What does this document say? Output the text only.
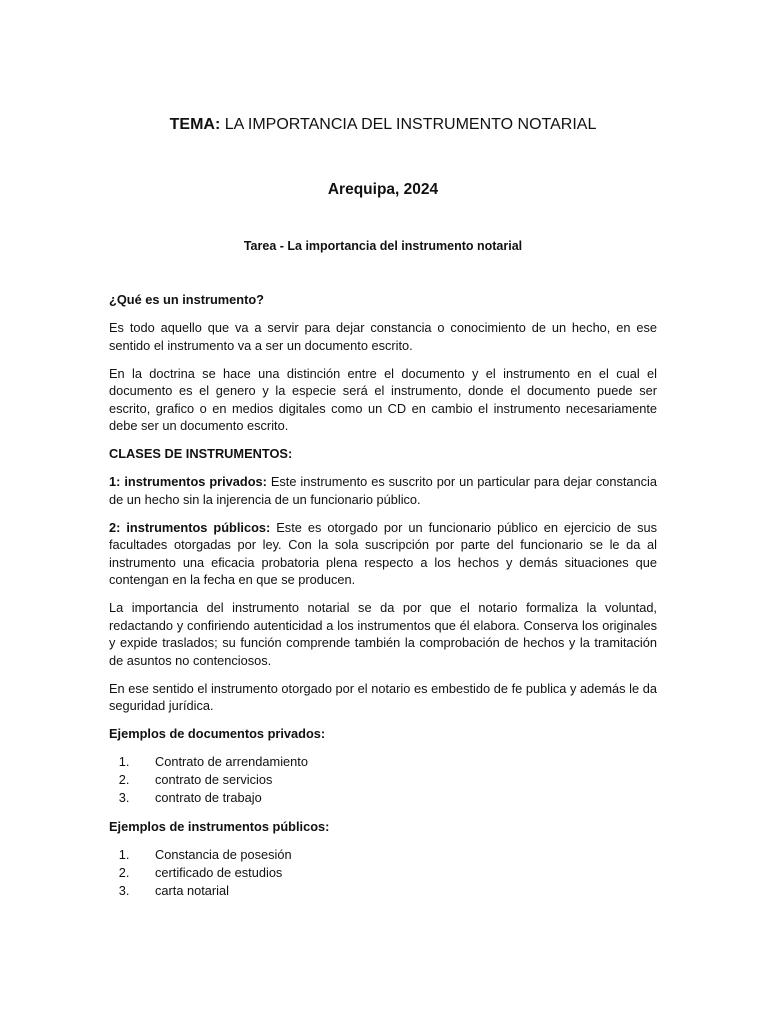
TEMA: LA IMPORTANCIA DEL INSTRUMENTO NOTARIAL
Arequipa, 2024
Tarea - La importancia del instrumento notarial

¿Qué es un instrumento?

Es todo aquello que va a servir para dejar constancia o conocimiento de un hecho, en ese sentido el instrumento va a ser un documento escrito.

En la doctrina se hace una distinción entre el documento y el instrumento en el cual el documento es el genero y la especie será el instrumento, donde el documento puede ser escrito, grafico o en medios digitales como un CD en cambio el instrumento necesariamente debe ser un documento escrito.

CLASES DE INSTRUMENTOS:

1: instrumentos privados: Este instrumento es suscrito por un particular para dejar constancia de un hecho sin la injerencia de un funcionario público.

2: instrumentos públicos: Este es otorgado por un funcionario público en ejercicio de sus facultades otorgadas por ley. Con la sola suscripción por parte del funcionario se le da al instrumento una eficacia probatoria plena respecto a los hechos y demás situaciones que contengan en la fecha en que se producen.

La importancia del instrumento notarial se da por que el notario formaliza la voluntad, redactando y confiriendo autenticidad a los instrumentos que él elabora. Conserva los originales y expide traslados; su función comprende también la comprobación de hechos y la tramitación de asuntos no contenciosos.

En ese sentido el instrumento otorgado por el notario es embestido de fe publica y además le da seguridad jurídica.

Ejemplos de documentos privados:

1. Contrato de arrendamiento
2. contrato de servicios
3. contrato de trabajo

Ejemplos de instrumentos públicos:

1. Constancia de posesión
2. certificado de estudios
3. carta notarial
